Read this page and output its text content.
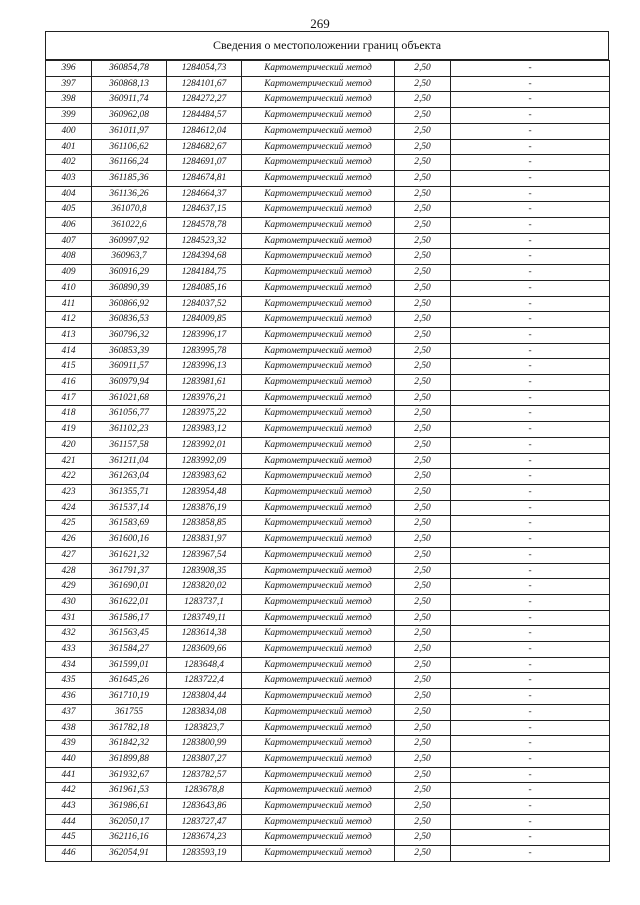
269
Сведения о местоположении границ объекта
396	360854,78	1284054,73	Картометрический метод	2,50	-
397	360868,13	1284101,67	Картометрический метод	2,50	-
398	360911,74	1284272,27	Картометрический метод	2,50	-
399	360962,08	1284484,57	Картометрический метод	2,50	-
400	361011,97	1284612,04	Картометрический метод	2,50	-
401	361106,62	1284682,67	Картометрический метод	2,50	-
402	361166,24	1284691,07	Картометрический метод	2,50	-
403	361185,36	1284674,81	Картометрический метод	2,50	-
404	361136,26	1284664,37	Картометрический метод	2,50	-
405	361070,8	1284637,15	Картометрический метод	2,50	-
406	361022,6	1284578,78	Картометрический метод	2,50	-
407	360997,92	1284523,32	Картометрический метод	2,50	-
408	360963,7	1284394,68	Картометрический метод	2,50	-
409	360916,29	1284184,75	Картометрический метод	2,50	-
410	360890,39	1284085,16	Картометрический метод	2,50	-
411	360866,92	1284037,52	Картометрический метод	2,50	-
412	360836,53	1284009,85	Картометрический метод	2,50	-
413	360796,32	1283996,17	Картометрический метод	2,50	-
414	360853,39	1283995,78	Картометрический метод	2,50	-
415	360911,57	1283996,13	Картометрический метод	2,50	-
416	360979,94	1283981,61	Картометрический метод	2,50	-
417	361021,68	1283976,21	Картометрический метод	2,50	-
418	361056,77	1283975,22	Картометрический метод	2,50	-
419	361102,23	1283983,12	Картометрический метод	2,50	-
420	361157,58	1283992,01	Картометрический метод	2,50	-
421	361211,04	1283992,09	Картометрический метод	2,50	-
422	361263,04	1283983,62	Картометрический метод	2,50	-
423	361355,71	1283954,48	Картометрический метод	2,50	-
424	361537,14	1283876,19	Картометрический метод	2,50	-
425	361583,69	1283858,85	Картометрический метод	2,50	-
426	361600,16	1283831,97	Картометрический метод	2,50	-
427	361621,32	1283967,54	Картометрический метод	2,50	-
428	361791,37	1283908,35	Картометрический метод	2,50	-
429	361690,01	1283820,02	Картометрический метод	2,50	-
430	361622,01	1283737,1	Картометрический метод	2,50	-
431	361586,17	1283749,11	Картометрический метод	2,50	-
432	361563,45	1283614,38	Картометрический метод	2,50	-
433	361584,27	1283609,66	Картометрический метод	2,50	-
434	361599,01	1283648,4	Картометрический метод	2,50	-
435	361645,26	1283722,4	Картометрический метод	2,50	-
436	361710,19	1283804,44	Картометрический метод	2,50	-
437	361755	1283834,08	Картометрический метод	2,50	-
438	361782,18	1283823,7	Картометрический метод	2,50	-
439	361842,32	1283800,99	Картометрический метод	2,50	-
440	361899,88	1283807,27	Картометрический метод	2,50	-
441	361932,67	1283782,57	Картометрический метод	2,50	-
442	361961,53	1283678,8	Картометрический метод	2,50	-
443	361986,61	1283643,86	Картометрический метод	2,50	-
444	362050,17	1283727,47	Картометрический метод	2,50	-
445	362116,16	1283674,23	Картометрический метод	2,50	-
446	362054,91	1283593,19	Картометрический метод	2,50	-
